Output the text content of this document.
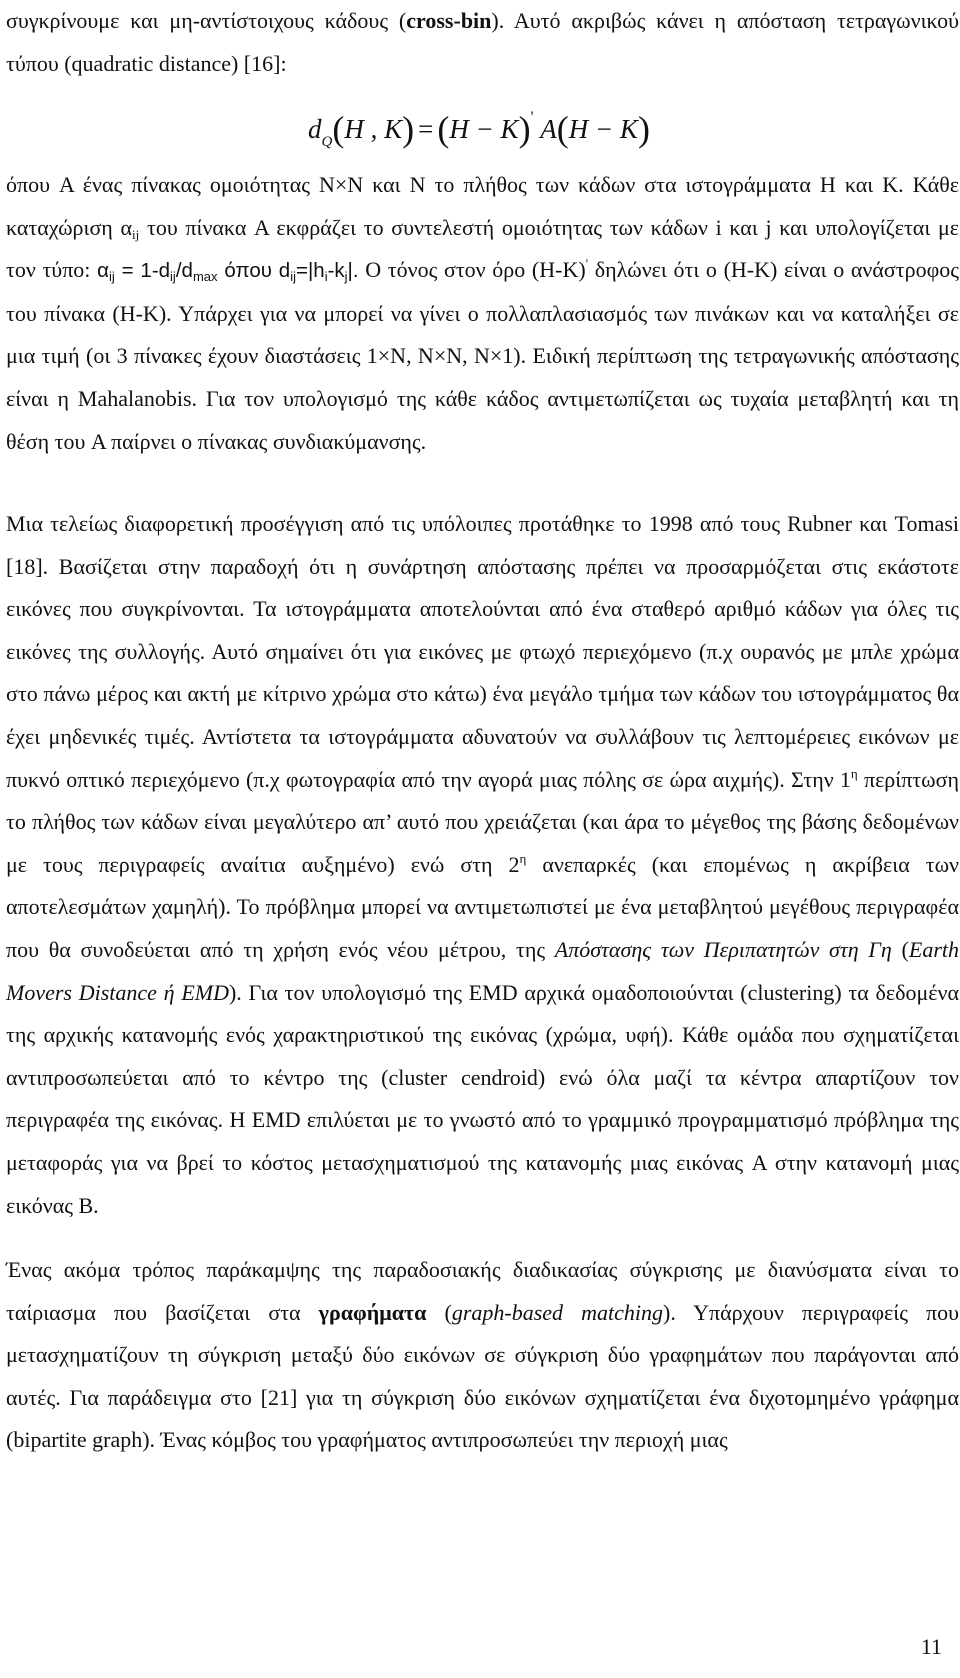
συγκρίνουμε και μη-αντίστοιχους κάδους (cross-bin). Αυτό ακριβώς κάνει η απόσταση τετραγωνικού τύπου (quadratic distance) [16]:

$d_Q(H$ , K) = (H − K)' A(H − K)

όπου A ένας πίνακας ομοιότητας N×N και N το πλήθος των κάδων στα ιστογράμματα H και K. Κάθε καταχώριση $\alpha_{ij}$ του πίνακα A εκφράζει το συντελεστή ομοιότητας των κάδων i και j και υπολογίζεται με τον τύπο: $\alpha_{ij} = 1-d_{ij}/d_{max}$ όπου $d_{ij}=|h_i-k_j|$. Ο τόνος στον όρο (H-K)' δηλώνει ότι ο (H-K) είναι ο ανάστροφος του πίνακα (H-K). Υπάρχει για να μπορεί να γίνει ο πολλαπλασιασμός των πινάκων και να καταλήξει σε μια τιμή (οι 3 πίνακες έχουν διαστάσεις 1×N, N×N, N×1). Ειδική περίπτωση της τετραγωνικής απόστασης είναι η Mahalanobis. Για τον υπολογισμό της κάθε κάδος αντιμετωπίζεται ως τυχαία μεταβλητή και τη θέση του A παίρνει ο πίνακας συνδιακύμανσης.

Μια τελείως διαφορετική προσέγγιση από τις υπόλοιπες προτάθηκε το 1998 από τους Rubner και Tomasi [18]. Βασίζεται στην παραδοχή ότι η συνάρτηση απόστασης πρέπει να προσαρμόζεται στις εκάστοτε εικόνες που συγκρίνονται. Τα ιστογράμματα αποτελούνται από ένα σταθερό αριθμό κάδων για όλες τις εικόνες της συλλογής. Αυτό σημαίνει ότι για εικόνες με φτωχό περιεχόμενο (π.χ ουρανός με μπλε χρώμα στο πάνω μέρος και ακτή με κίτρινο χρώμα στο κάτω) ένα μεγάλο τμήμα των κάδων του ιστογράμματος θα έχει μηδενικές τιμές. Αντίστετα τα ιστογράμματα αδυνατούν να συλλάβουν τις λεπτομέρειες εικόνων με πυκνό οπτικό περιεχόμενο (π.χ φωτογραφία από την αγορά μιας πόλης σε ώρα αιχμής). Στην $1^\eta$ περίπτωση το πλήθος των κάδων είναι μεγαλύτερο απ’ αυτό που χρειάζεται (και άρα το μέγεθος της βάσης δεδομένων με τους περιγραφείς αναίτια αυξημένο) ενώ στη $2^\eta$ ανεπαρκές (και επομένως η ακρίβεια των αποτελεσμάτων χαμηλή). Το πρόβλημα μπορεί να αντιμετωπιστεί με ένα μεταβλητού μεγέθους περιγραφέα που θα συνοδεύεται από τη χρήση ενός νέου μέτρου, της Απόστασης των Περιπατητών στη Γη (Earth Movers Distance ή EMD). Για τον υπολογισμό της EMD αρχικά ομαδοποιούνται (clustering) τα δεδομένα της αρχικής κατανομής ενός χαρακτηριστικού της εικόνας (χρώμα, υφή). Κάθε ομάδα που σχηματίζεται αντιπροσωπεύεται από το κέντρο της (cluster cendroid) ενώ όλα μαζί τα κέντρα απαρτίζουν τον περιγραφέα της εικόνας. Η EMD επιλύεται με το γνωστό από το γραμμικό προγραμματισμό πρόβλημα της μεταφοράς για να βρεί το κόστος μετασχηματισμού της κατανομής μιας εικόνας A στην κατανομή μιας εικόνας B.

Ένας ακόμα τρόπος παράκαμψης της παραδοσιακής διαδικασίας σύγκρισης με διανύσματα είναι το ταίριασμα που βασίζεται στα γραφήματα (graph-based matching). Υπάρχουν περιγραφείς που μετασχηματίζουν τη σύγκριση μεταξύ δύο εικόνων σε σύγκριση δύο γραφημάτων που παράγονται από αυτές. Για παράδειγμα στο [21] για τη σύγκριση δύο εικόνων σχηματίζεται ένα διχοτομημένο γράφημα (bipartite graph). Ένας κόμβος του γραφήματος αντιπροσωπεύει την περιοχή μιας

11
